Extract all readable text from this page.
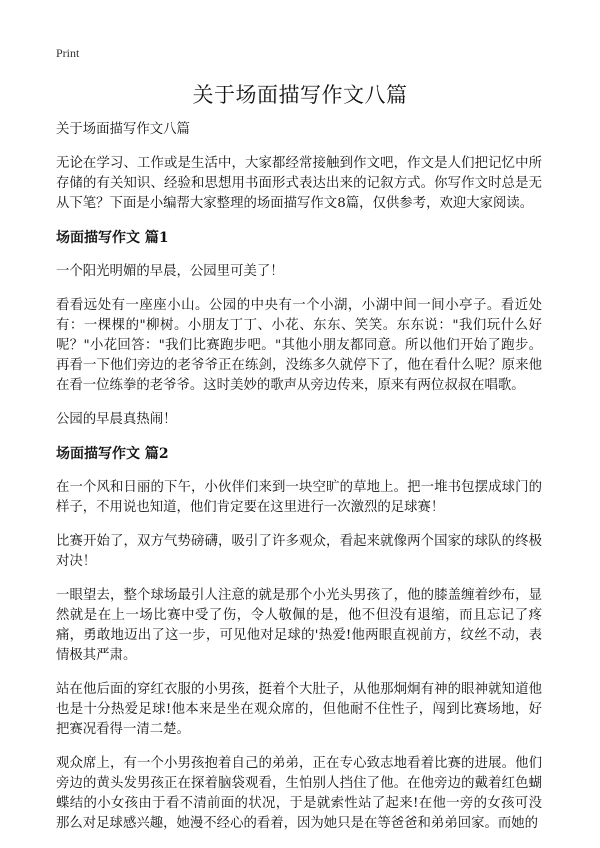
Print
关于场面描写作文八篇

关于场面描写作文八篇

无论在学习、工作或是生活中，大家都经常接触到作文吧，作文是人们把记忆中所存储的有关知识、经验和思想用书面形式表达出来的记叙方式。你写作文时总是无从下笔？下面是小编帮大家整理的场面描写作文8篇，仅供参考，欢迎大家阅读。

场面描写作文 篇1

一个阳光明媚的早晨，公园里可美了！

看看远处有一座座小山。公园的中央有一个小湖，小湖中间一间小亭子。看近处有：一棵棵的"柳树。小朋友丁丁、小花、东东、笑笑。东东说："我们玩什么好呢？"小花回答："我们比赛跑步吧。"其他小朋友都同意。所以他们开始了跑步。再看一下他们旁边的老爷爷正在练剑，没练多久就停下了，他在看什么呢？原来他在看一位练拳的老爷爷。这时美妙的歌声从旁边传来，原来有两位叔叔在唱歌。

公园的早晨真热闹！

场面描写作文 篇2

在一个风和日丽的下午，小伙伴们来到一块空旷的草地上。把一堆书包摆成球门的样子，不用说也知道，他们肯定要在这里进行一次激烈的足球赛！

比赛开始了，双方气势磅礴，吸引了许多观众，看起来就像两个国家的球队的终极对决！

一眼望去，整个球场最引人注意的就是那个小光头男孩了，他的膝盖缠着纱布，显然就是在上一场比赛中受了伤，令人敬佩的是，他不但没有退缩，而且忘记了疼痛，勇敢地迈出了这一步，可见他对足球的'热爱!他两眼直视前方，纹丝不动，表情极其严肃。

站在他后面的穿红衣服的小男孩，挺着个大肚子，从他那炯炯有神的眼神就知道他也是十分热爱足球!他本来是坐在观众席的，但他耐不住性子，闯到比赛场地，好把赛况看得一清二楚。

观众席上，有一个小男孩抱着自己的弟弟，正在专心致志地看着比赛的进展。他们旁边的黄头发男孩正在探着脑袋观看，生怕别人挡住了他。在他旁边的戴着红色蝴蝶结的小女孩由于看不清前面的状况，于是就索性站了起来!在他一旁的女孩可没那么对足球感兴趣，她漫不经心的看着，因为她只是在等爸爸和弟弟回家。而她的
